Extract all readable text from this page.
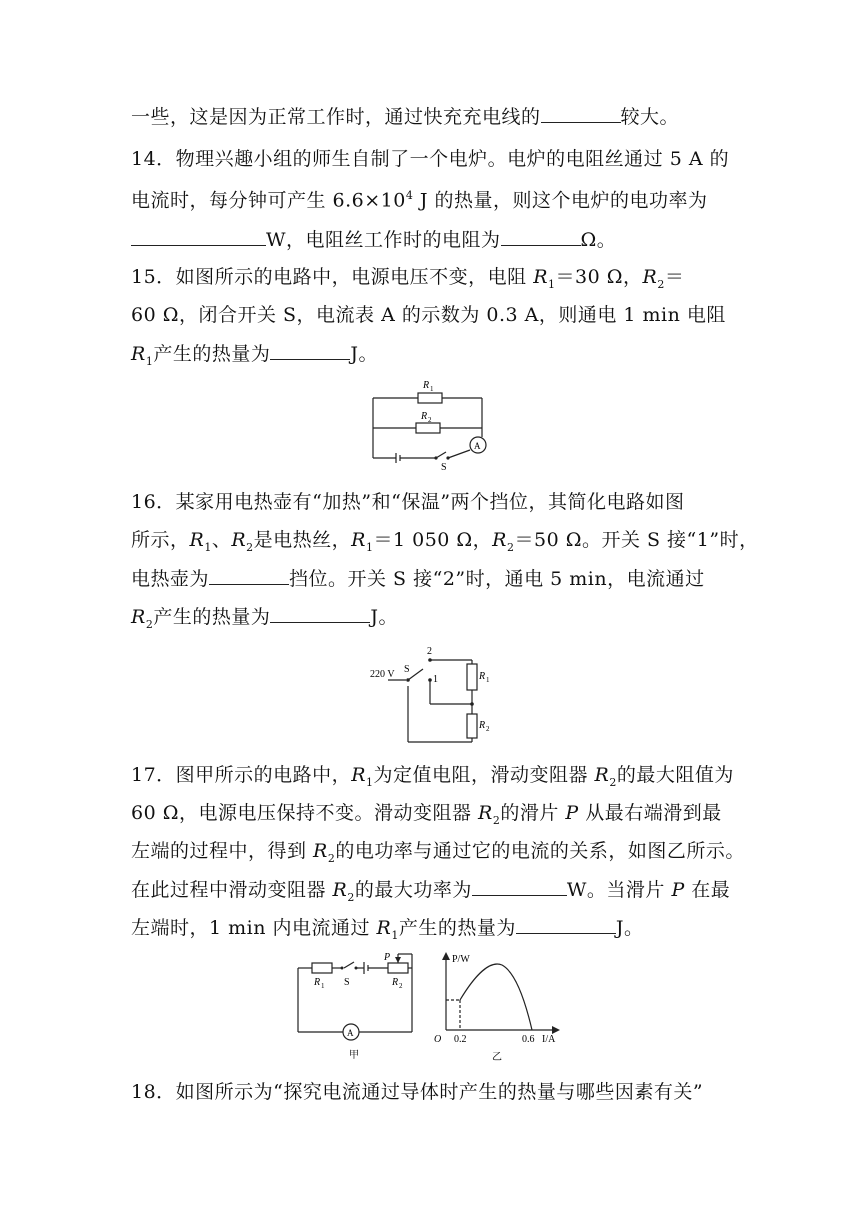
一些，这是因为正常工作时，通过快充充电线的	较大。
14．物理兴趣小组的师生自制了一个电炉。电炉的电阻丝通过 5 A 的
电流时，每分钟可产生 $6.6\times 10^4$ J 的热量，则这个电炉的电功率为
W，电阻丝工作时的电阻为	Ω。
15．如图所示的电路中，电源电压不变，电阻 $R_1=30$ Ω，$R_2=$
60 Ω，闭合开关 S，电流表 A 的示数为 0.3 A，则通电 1 min 电阻
$R_1$产生的热量为	J。
R 1
R 2
A
S
16．某家用电热壶有“加热”和“保温”两个挡位，其简化电路如图
所示，$R_1$、$R_2$是电热丝，$R_1=1$ 050 Ω，$R_2=50$ Ω。开关 S 接“1”时，
电热壶为	挡位。开关 S 接“2”时，通电 5 min，电流通过
$R_2$产生的热量为	J。
220 V S
2
1	R 1
R 2
17．图甲所示的电路中，$R_1$为定值电阻，滑动变阻器 $R_2$的最大阻值为
60 Ω，电源电压保持不变。滑动变阻器 $R_2$的滑片 P 从最右端滑到最
左端的过程中，得到 $R_2$的电功率与通过它的电流的关系，如图乙所示。
在此过程中滑动变阻器 $R_2$的最大功率为	W。当滑片 P 在最
左端时，1 min 内电流通过 $R_1$产生的热量为	J。
P
R 1 S	R 2
A
甲
P/W
O 0.2	0.6 I/A
乙
18．如图所示为“探究电流通过导体时产生的热量与哪些因素有关”
